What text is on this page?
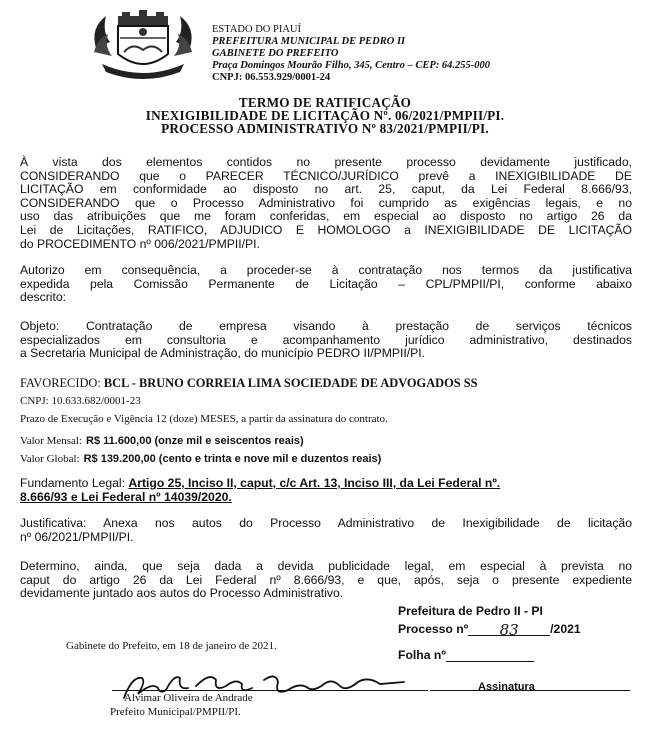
ESTADO DO PIAUÍ
PREFEITURA MUNICIPAL DE PEDRO II
GABINETE DO PREFEITO
Praça Domingos Mourão Filho, 345, Centro – CEP: 64.255-000
CNPJ: 06.553.929/0001-24
TERMO DE RATIFICAÇÃO
INEXIGIBILIDADE DE LICITAÇÃO Nº. 06/2021/PMPII/PI.
PROCESSO ADMINISTRATIVO Nº 83/2021/PMPII/PI.
À vista dos elementos contidos no presente processo devidamente justificado,
CONSIDERANDO que o PARECER TÉCNICO/JURÍDICO prevê a INEXIGIBILIDADE DE
LICITAÇÃO em conformidade ao disposto no art. 25, caput, da Lei Federal 8.666/93,
CONSIDERANDO que o Processo Administrativo foi cumprido as exigências legais, e no
uso das atribuições que me foram conferidas, em especial ao disposto no artigo 26 da
Lei de Licitações, RATIFICO, ADJUDICO E HOMOLOGO a INEXIGIBILIDADE DE LICITAÇÃO
do PROCEDIMENTO nº 006/2021/PMPII/PI.
Autorizo em consequência, a proceder-se à contratação nos termos da justificativa
expedida pela Comissão Permanente de Licitação – CPL/PMPII/PI, conforme abaixo
descrito:
Objeto: Contratação de empresa visando à prestação de serviços técnicos
especializados em consultoria e acompanhamento jurídico administrativo, destinados
a Secretaria Municipal de Administração, do município PEDRO II/PMPII/PI.
FAVORECIDO: BCL - BRUNO CORREIA LIMA SOCIEDADE DE ADVOGADOS SS
CNPJ: 10.633.682/0001-23
Prazo de Execução e Vigência 12 (doze) MESES, a partir da assinatura do contrato.
Valor Mensal: R$ 11.600,00 (onze mil e seiscentos reais)
Valor Global: R$ 139.200,00 (cento e trinta e nove mil e duzentos reais)
Fundamento Legal: Artigo 25, Inciso II, caput, c/c Art. 13, Inciso III, da Lei Federal nº.
8.666/93 e Lei Federal nº 14039/2020.
Justificativa: Anexa nos autos do Processo Administrativo de Inexigibilidade de licitação
nº 06/2021/PMPII/PI.
Determino, ainda, que seja dada a devida publicidade legal, em especial à prevista no
caput do artigo 26 da Lei Federal nº 8.666/93, e que, após, seja o presente expediente
devidamente juntado aos autos do Processo Administrativo.
Prefeitura de Pedro II - PI
Processo nº 83	/2021
Folha nº
Gabinete do Prefeito, em 18 de janeiro de 2021.
Assinatura
Alvimar Oliveira de Andrade
Prefeito Municipal/PMPII/PI.
